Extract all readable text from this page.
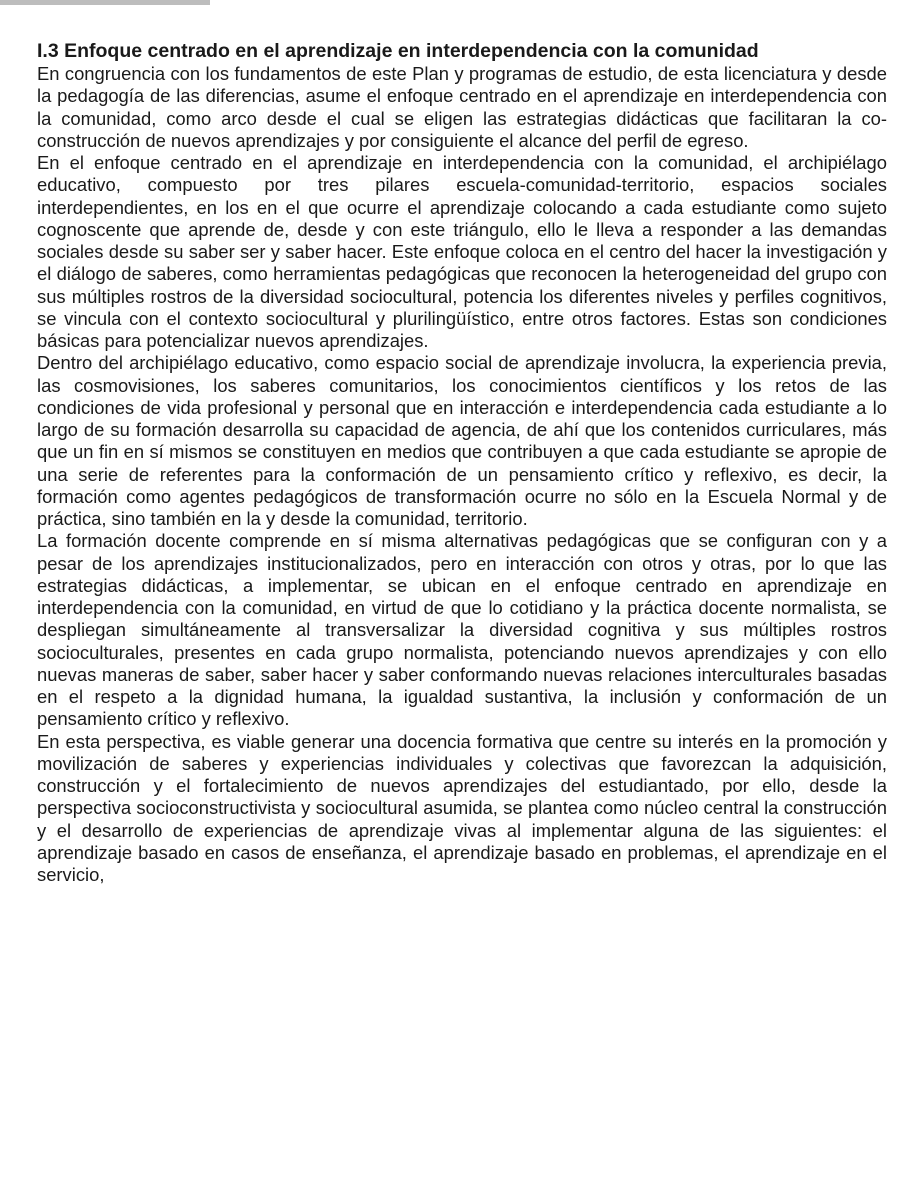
I.3 Enfoque centrado en el aprendizaje en interdependencia con la comunidad

En congruencia con los fundamentos de este Plan y programas de estudio, de esta licenciatura y desde la pedagogía de las diferencias, asume el enfoque centrado en el aprendizaje en interdependencia con la comunidad, como arco desde el cual se eligen las estrategias didácticas que facilitaran la co-construcción de nuevos aprendizajes y por consiguiente el alcance del perfil de egreso.

En el enfoque centrado en el aprendizaje en interdependencia con la comunidad, el archipiélago educativo, compuesto por tres pilares escuela-comunidad-territorio, espacios sociales interdependientes, en los en el que ocurre el aprendizaje colocando a cada estudiante como sujeto cognoscente que aprende de, desde y con este triángulo, ello le lleva a responder a las demandas sociales desde su saber ser y saber hacer. Este enfoque coloca en el centro del hacer la investigación y el diálogo de saberes, como herramientas pedagógicas que reconocen la heterogeneidad del grupo con sus múltiples rostros de la diversidad sociocultural, potencia los diferentes niveles y perfiles cognitivos, se vincula con el contexto sociocultural y plurilingüístico, entre otros factores. Estas son condiciones básicas para potencializar nuevos aprendizajes.

Dentro del archipiélago educativo, como espacio social de aprendizaje involucra, la experiencia previa, las cosmovisiones, los saberes comunitarios, los conocimientos científicos y los retos de las condiciones de vida profesional y personal que en interacción e interdependencia cada estudiante a lo largo de su formación desarrolla su capacidad de agencia, de ahí que los contenidos curriculares, más que un fin en sí mismos se constituyen en medios que contribuyen a que cada estudiante se apropie de una serie de referentes para la conformación de un pensamiento crítico y reflexivo, es decir, la formación como agentes pedagógicos de transformación ocurre no sólo en la Escuela Normal y de práctica, sino también en la y desde la comunidad, territorio.

La formación docente comprende en sí misma alternativas pedagógicas que se configuran con y a pesar de los aprendizajes institucionalizados, pero en interacción con otros y otras, por lo que las estrategias didácticas, a implementar, se ubican en el enfoque centrado en aprendizaje en interdependencia con la comunidad, en virtud de que lo cotidiano y la práctica docente normalista, se despliegan simultáneamente al transversalizar la diversidad cognitiva y sus múltiples rostros socioculturales, presentes en cada grupo normalista, potenciando nuevos aprendizajes y con ello nuevas maneras de saber, saber hacer y saber conformando nuevas relaciones interculturales basadas en el respeto a la dignidad humana, la igualdad sustantiva, la inclusión y conformación de un pensamiento crítico y reflexivo.

En esta perspectiva, es viable generar una docencia formativa que centre su interés en la promoción y movilización de saberes y experiencias individuales y colectivas que favorezcan la adquisición, construcción y el fortalecimiento de nuevos aprendizajes del estudiantado, por ello, desde la perspectiva socioconstructivista y sociocultural asumida, se plantea como núcleo central la construcción y el desarrollo de experiencias de aprendizaje vivas al implementar alguna de las siguientes: el aprendizaje basado en casos de enseñanza, el aprendizaje basado en problemas, el aprendizaje en el servicio,
